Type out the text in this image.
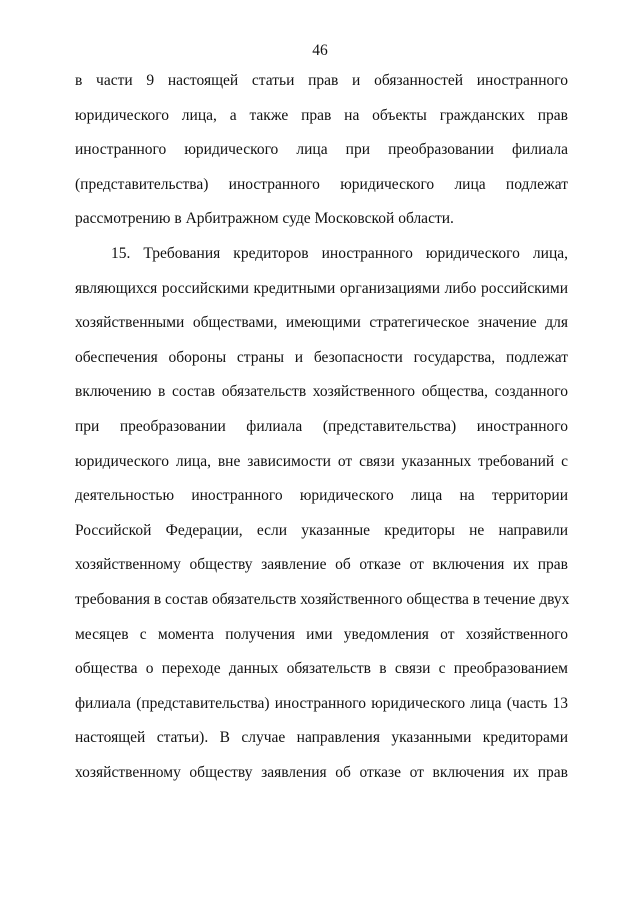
46
в части 9 настоящей статьи прав и обязанностей иностранного
юридического лица, а также прав на объекты гражданских прав
иностранного юридического лица при преобразовании филиала
(представительства) иностранного юридического лица подлежат
рассмотрению в Арбитражном суде Московской области.
15. Требования кредиторов иностранного юридического лица,
являющихся российскими кредитными организациями либо российскими
хозяйственными обществами, имеющими стратегическое значение для
обеспечения обороны страны и безопасности государства, подлежат
включению в состав обязательств хозяйственного общества, созданного
при преобразовании филиала (представительства) иностранного
юридического лица, вне зависимости от связи указанных требований с
деятельностью иностранного юридического лица на территории
Российской Федерации, если указанные кредиторы не направили
хозяйственному обществу заявление об отказе от включения их прав
требования в состав обязательств хозяйственного общества в течение двух
месяцев с момента получения ими уведомления от хозяйственного
общества о переходе данных обязательств в связи с преобразованием
филиала (представительства) иностранного юридического лица (часть 13
настоящей статьи). В случае направления указанными кредиторами
хозяйственному обществу заявления об отказе от включения их прав
